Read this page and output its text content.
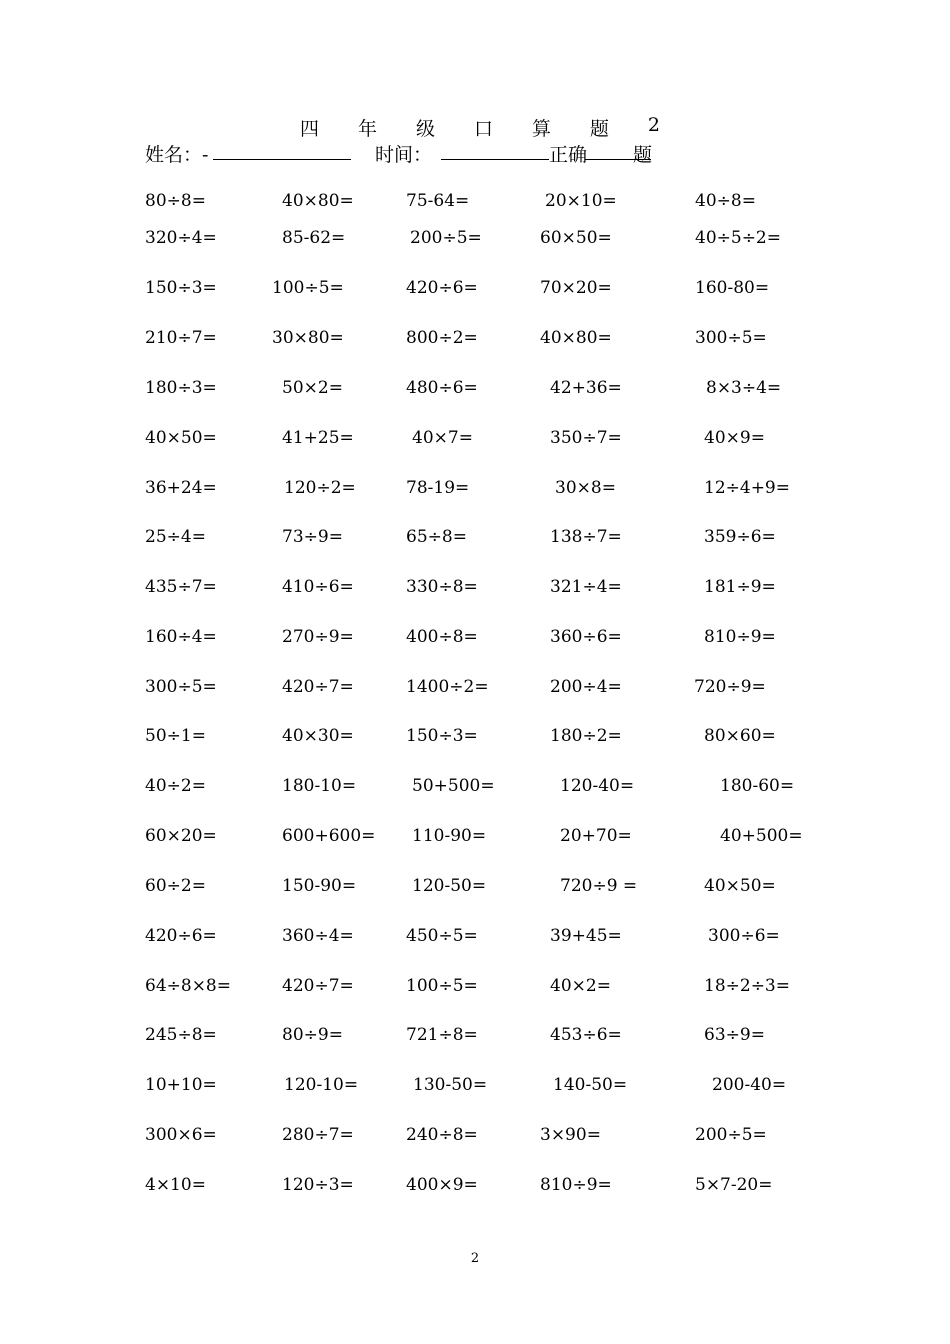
四 年 级 口 算 题 2
姓名：-	时间：	正确 题
80÷8=	40×80=	75-64=	20×10=	40÷8=
320÷4=	85-62=	200÷5=	60×50=	40÷5÷2=
150÷3=	100÷5=	420÷6=	70×20=	160-80=
210÷7=	30×80=	800÷2=	40×80=	300÷5=
180÷3=	50×2=	480÷6=	42+36=	8×3÷4=
40×50=	41+25=	40×7=	350÷7=	40×9=
36+24=	120÷2=	78-19=	30×8=	12÷4+9=
25÷4=	73÷9=	65÷8=	138÷7=	359÷6=
435÷7=	410÷6=	330÷8=	321÷4=	181÷9=
160÷4=	270÷9=	400÷8=	360÷6=	810÷9=
300÷5=	420÷7=	1400÷2=	200÷4=	720÷9=
50÷1=	40×30=	150÷3=	180÷2=	80×60=
40÷2=	180-10=	50+500=	120-40=	180-60=
60×20=	600+600= 110-90=	20+70=	40+500=
60÷2=	150-90=	120-50=	720÷9 =	40×50=
420÷6=	360÷4=	450÷5=	39+45=	300÷6=
64÷8×8=	420÷7=	100÷5=	40×2=	18÷2÷3=
245÷8=	80÷9=	721÷8=	453÷6=	63÷9=
10+10=	120-10=	130-50=	140-50=	200-40=
300×6=	280÷7=	240÷8=	3×90=	200÷5=
4×10=	120÷3=	400×9=	810÷9=	5×7-20=
2
